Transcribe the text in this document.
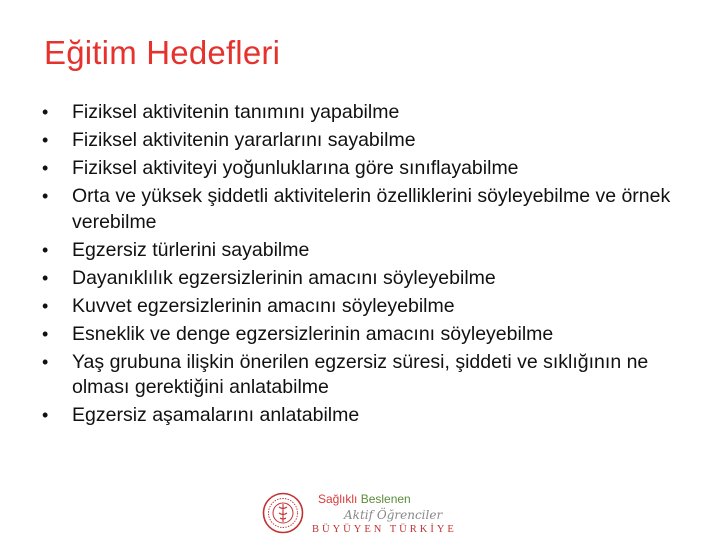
Eğitim Hedefleri
• Fiziksel aktivitenin tanımını yapabilme
• Fiziksel aktivitenin yararlarını sayabilme
• Fiziksel aktiviteyi yoğunluklarına göre sınıflayabilme
• Orta ve yüksek şiddetli aktivitelerin özelliklerini söyleyebilme ve örnek verebilme
• Egzersiz türlerini sayabilme
• Dayanıklılık egzersizlerinin amacını söyleyebilme
• Kuvvet egzersizlerinin amacını söyleyebilme
• Esneklik ve denge egzersizlerinin amacını söyleyebilme
• Yaş grubuna ilişkin önerilen egzersiz süresi, şiddeti ve sıklığının ne olması gerektiğini anlatabilme
• Egzersiz aşamalarını anlatabilme
Sağlıklı Beslenen
Aktif Öğrenciler
BÜYÜYEN TÜRKİYE
